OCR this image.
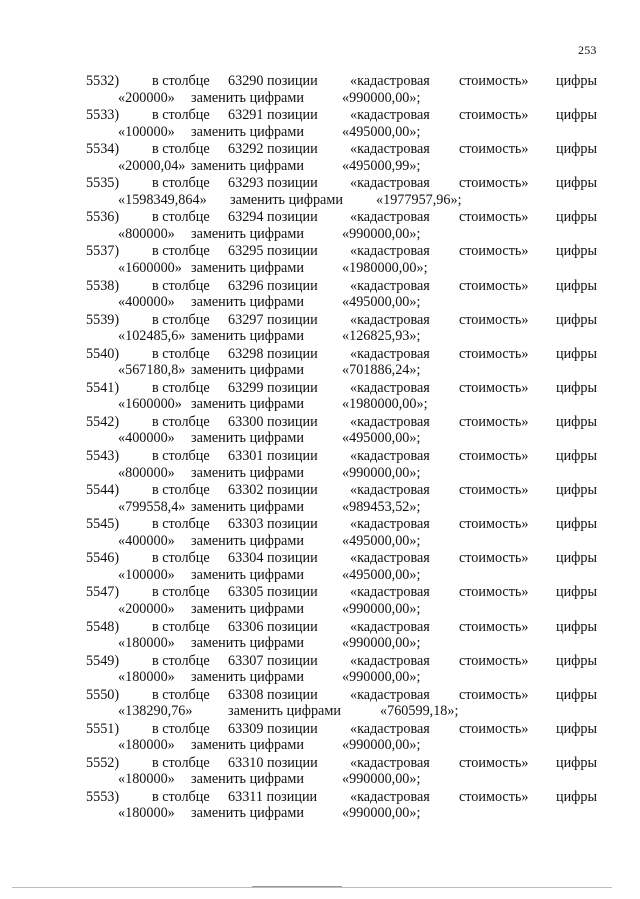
253
5532) в столбце 63290 позиции «кадастровая стоимость» цифры
«200000» заменить цифрами	«990000,00»;
5533) в столбце 63291 позиции «кадастровая стоимость» цифры
«100000» заменить цифрами	«495000,00»;
5534) в столбце 63292 позиции «кадастровая стоимость» цифры
«20000,04» заменить цифрами	«495000,99»;
5535) в столбце 63293 позиции «кадастровая стоимость» цифры
«1598349,864» заменить цифрами «1977957,96»;
5536) в столбце 63294 позиции «кадастровая стоимость» цифры
«800000» заменить цифрами	«990000,00»;
5537) в столбце 63295 позиции «кадастровая стоимость» цифры
«1600000» заменить цифрами	«1980000,00»;
5538) в столбце 63296 позиции «кадастровая стоимость» цифры
«400000» заменить цифрами	«495000,00»;
5539) в столбце 63297 позиции «кадастровая стоимость» цифры
«102485,6» заменить цифрами	«126825,93»;
5540) в столбце 63298 позиции «кадастровая стоимость» цифры
«567180,8» заменить цифрами	«701886,24»;
5541) в столбце 63299 позиции «кадастровая стоимость» цифры
«1600000» заменить цифрами	«1980000,00»;
5542) в столбце 63300 позиции «кадастровая стоимость» цифры
«400000» заменить цифрами	«495000,00»;
5543) в столбце 63301 позиции «кадастровая стоимость» цифры
«800000» заменить цифрами	«990000,00»;
5544) в столбце 63302 позиции «кадастровая стоимость» цифры
«799558,4» заменить цифрами	«989453,52»;
5545) в столбце 63303 позиции «кадастровая стоимость» цифры
«400000» заменить цифрами	«495000,00»;
5546) в столбце 63304 позиции «кадастровая стоимость» цифры
«100000» заменить цифрами	«495000,00»;
5547) в столбце 63305 позиции «кадастровая стоимость» цифры
«200000» заменить цифрами	«990000,00»;
5548) в столбце 63306 позиции «кадастровая стоимость» цифры
«180000» заменить цифрами	«990000,00»;
5549) в столбце 63307 позиции «кадастровая стоимость» цифры
«180000» заменить цифрами	«990000,00»;
5550) в столбце 63308 позиции «кадастровая стоимость» цифры
«138290,76»	заменить цифрами	«760599,18»;
5551) в столбце 63309 позиции «кадастровая стоимость» цифры
«180000» заменить цифрами	«990000,00»;
5552) в столбце 63310 позиции «кадастровая стоимость» цифры
«180000» заменить цифрами	«990000,00»;
5553) в столбце 63311 позиции «кадастровая стоимость» цифры
«180000» заменить цифрами	«990000,00»;
